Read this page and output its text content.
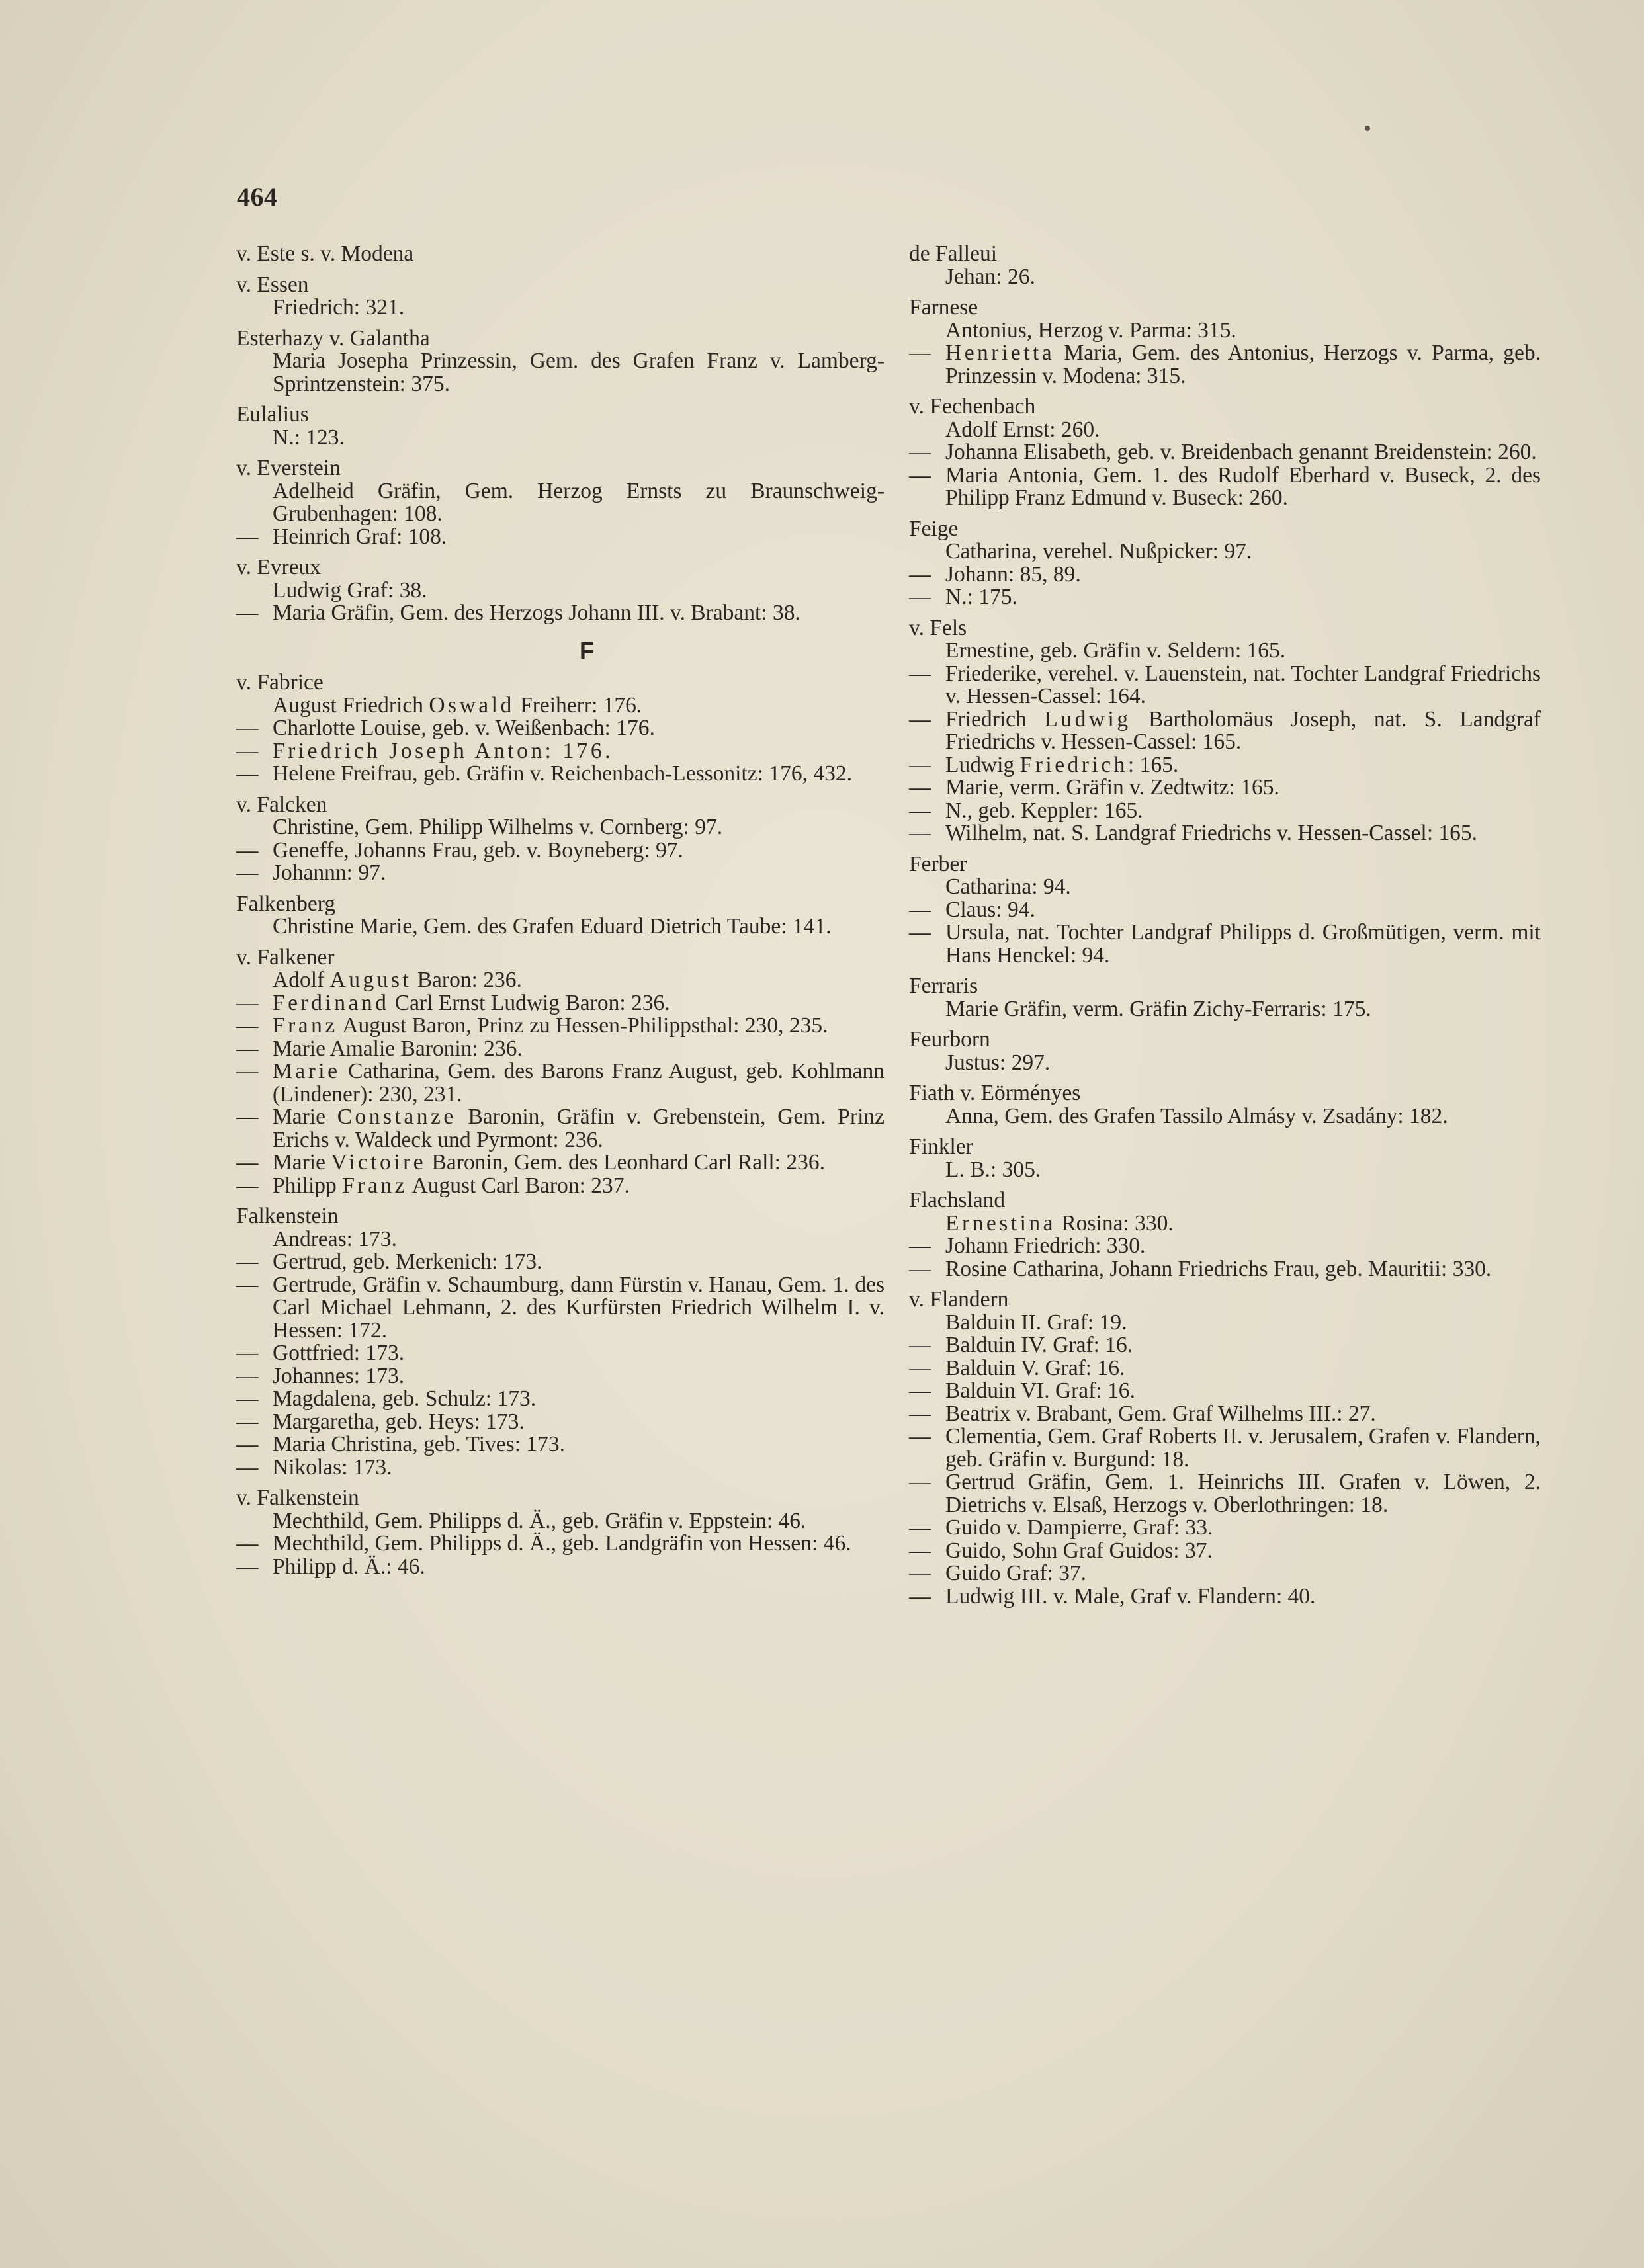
464
v. Este s. v. Modena
v. Essen
Friedrich: 321.
Esterhazy v. Galantha
Maria Josepha Prinzessin, Gem. des Grafen Franz v. Lamberg-Sprintzenstein: 375.
Eulalius
N.: 123.
v. Everstein
Adelheid Gräfin, Gem. Herzog Ernsts zu Braunschweig-Grubenhagen: 108.
— Heinrich Graf: 108.
v. Evreux
Ludwig Graf: 38.
— Maria Gräfin, Gem. des Herzogs Johann III. v. Brabant: 38.
F
v. Fabrice
August Friedrich Oswald Freiherr: 176.
— Charlotte Louise, geb. v. Weißenbach: 176.
— Friedrich Joseph Anton: 176.
— Helene Freifrau, geb. Gräfin v. Reichenbach-Lessonitz: 176, 432.
v. Falcken
Christine, Gem. Philipp Wilhelms v. Cornberg: 97.
— Geneffe, Johanns Frau, geb. v. Boyneberg: 97.
— Johannn: 97.
Falkenberg
Christine Marie, Gem. des Grafen Eduard Dietrich Taube: 141.
v. Falkener
Adolf August Baron: 236.
— Ferdinand Carl Ernst Ludwig Baron: 236.
— Franz August Baron, Prinz zu Hessen-Philippsthal: 230, 235.
— Marie Amalie Baronin: 236.
— Marie Catharina, Gem. des Barons Franz August, geb. Kohlmann (Lindener): 230, 231.
— Marie Constanze Baronin, Gräfin v. Grebenstein, Gem. Prinz Erichs v. Waldeck und Pyrmont: 236.
— Marie Victoire Baronin, Gem. des Leonhard Carl Rall: 236.
— Philipp Franz August Carl Baron: 237.
Falkenstein
Andreas: 173.
— Gertrud, geb. Merkenich: 173.
— Gertrude, Gräfin v. Schaumburg, dann Fürstin v. Hanau, Gem. 1. des Carl Michael Lehmann, 2. des Kurfürsten Friedrich Wilhelm I. v. Hessen: 172.
— Gottfried: 173.
— Johannes: 173.
— Magdalena, geb. Schulz: 173.
— Margaretha, geb. Heys: 173.
— Maria Christina, geb. Tives: 173.
— Nikolas: 173.
v. Falkenstein
Mechthild, Gem. Philipps d. Ä., geb. Gräfin v. Eppstein: 46.
— Mechthild, Gem. Philipps d. Ä., geb. Landgräfin von Hessen: 46.
— Philipp d. Ä.: 46.
de Falleui
Jehan: 26.
Farnese
Antonius, Herzog v. Parma: 315.
— Henrietta Maria, Gem. des Antonius, Herzogs v. Parma, geb. Prinzessin v. Modena: 315.
v. Fechenbach
Adolf Ernst: 260.
— Johanna Elisabeth, geb. v. Breidenbach genannt Breidenstein: 260.
— Maria Antonia, Gem. 1. des Rudolf Eberhard v. Buseck, 2. des Philipp Franz Edmund v. Buseck: 260.
Feige
Catharina, verehel. Nußpicker: 97.
— Johann: 85, 89.
— N.: 175.
v. Fels
Ernestine, geb. Gräfin v. Seldern: 165.
— Friederike, verehel. v. Lauenstein, nat. Tochter Landgraf Friedrichs v. Hessen-Cassel: 164.
— Friedrich Ludwig Bartholomäus Joseph, nat. S. Landgraf Friedrichs v. Hessen-Cassel: 165.
— Ludwig Friedrich: 165.
— Marie, verm. Gräfin v. Zedtwitz: 165.
— N., geb. Keppler: 165.
— Wilhelm, nat. S. Landgraf Friedrichs v. Hessen-Cassel: 165.
Ferber
Catharina: 94.
— Claus: 94.
— Ursula, nat. Tochter Landgraf Philipps d. Großmütigen, verm. mit Hans Henckel: 94.
Ferraris
Marie Gräfin, verm. Gräfin Zichy-Ferraris: 175.
Feurborn
Justus: 297.
Fiath v. Eörményes
Anna, Gem. des Grafen Tassilo Almásy v. Zsadány: 182.
Finkler
L. B.: 305.
Flachsland
Ernestina Rosina: 330.
— Johann Friedrich: 330.
— Rosine Catharina, Johann Friedrichs Frau, geb. Mauritii: 330.
v. Flandern
Balduin II. Graf: 19.
— Balduin IV. Graf: 16.
— Balduin V. Graf: 16.
— Balduin VI. Graf: 16.
— Beatrix v. Brabant, Gem. Graf Wilhelms III.: 27.
— Clementia, Gem. Graf Roberts II. v. Jerusalem, Grafen v. Flandern, geb. Gräfin v. Burgund: 18.
— Gertrud Gräfin, Gem. 1. Heinrichs III. Grafen v. Löwen, 2. Dietrichs v. Elsaß, Herzogs v. Oberlothringen: 18.
— Guido v. Dampierre, Graf: 33.
— Guido, Sohn Graf Guidos: 37.
— Guido Graf: 37.
— Ludwig III. v. Male, Graf v. Flandern: 40.
